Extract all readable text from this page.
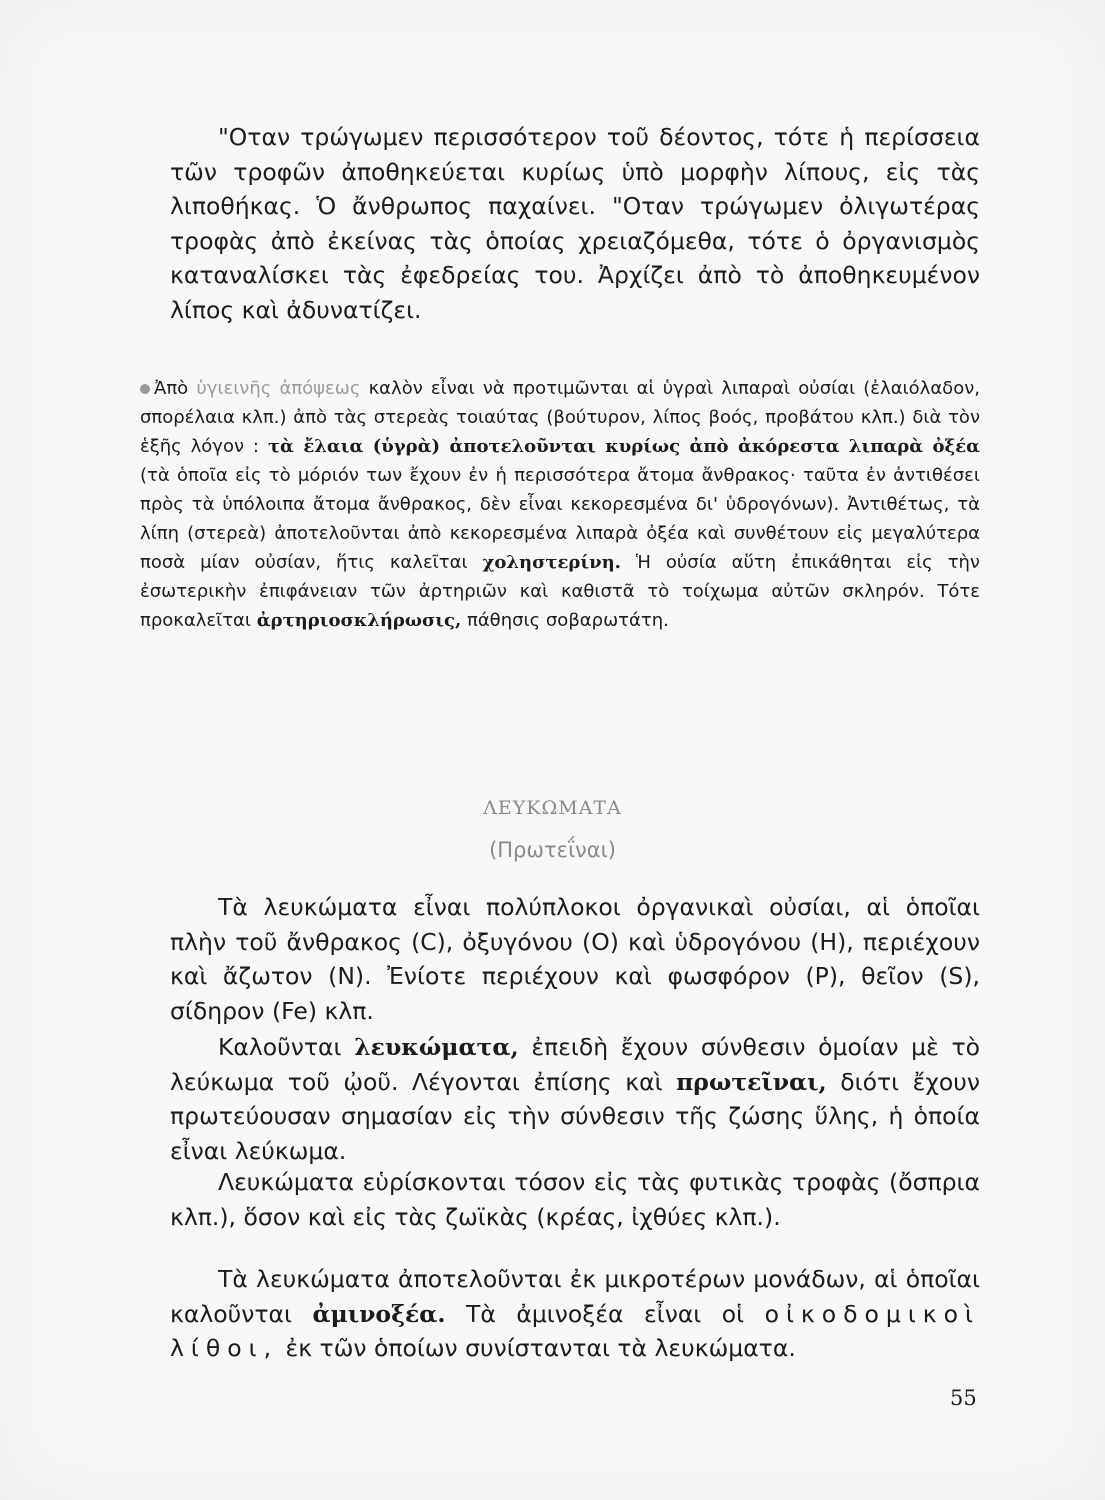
"Οταν τρώγωμεν περισσότερον τοῦ δέοντος, τότε ἡ περίσσεια τῶν τροφῶν ἀποθηκεύεται κυρίως ὑπὸ μορφὴν λίπους, εἰς τὰς λιποθήκας. Ὁ ἄνθρωπος παχαίνει. "Οταν τρώγωμεν ὀλιγωτέρας τροφὰς ἀπὸ ἐκείνας τὰς ὁποίας χρειαζόμεθα, τότε ὁ ὀργανισμὸς καταναλίσκει τὰς ἐφεδρείας του. Ἀρχίζει ἀπὸ τὸ ἀποθηκευμένον λίπος καὶ ἀδυνατίζει.

Ἀπὸ ὑγιεινῆς ἀπόψεως καλὸν εἶναι νὰ προτιμῶνται αἱ ὑγραὶ λιπαραὶ οὐσίαι (ἐλαιόλαδον, σπορέλαια κλπ.) ἀπὸ τὰς στερεὰς τοιαύτας (βούτυρον, λίπος βοός, προβάτου κλπ.) διὰ τὸν ἑξῆς λόγον : τὰ ἔλαια (ὑγρὰ) ἀποτελοῦνται κυρίως ἀπὸ ἀκόρεστα λιπαρὰ ὀξέα (τὰ ὁποῖα εἰς τὸ μόριόν των ἔχουν ἐν ἡ περισσότερα ἄτομα ἄνθρακος· ταῦτα ἐν ἀντιθέσει πρὸς τὰ ὑπόλοιπα ἄτομα ἄνθρακος, δὲν εἶναι κεκορεσμένα δι' ὑδρογόνων). Ἀντιθέτως, τὰ λίπη (στερεὰ) ἀποτελοῦνται ἀπὸ κεκορεσμένα λιπαρὰ ὀξέα καὶ συνθέτουν εἰς μεγαλύτερα ποσὰ μίαν οὐσίαν, ἥτις καλεῖται χοληστερίνη. Ἡ οὐσία αὕτη ἐπικάθηται εἰς τὴν ἐσωτερικὴν ἐπιφάνειαν τῶν ἀρτηριῶν καὶ καθιστᾶ τὸ τοίχωμα αὐτῶν σκληρόν. Τότε προκαλεῖται ἀρτηριοσκλήρωσις, πάθησις σοβαρωτάτη.

ΛΕΥΚΩΜΑΤΑ
(Πρωτεΐναι)

Τὰ λευκώματα εἶναι πολύπλοκοι ὀργανικαὶ οὐσίαι, αἱ ὁποῖαι πλὴν τοῦ ἄνθρακος (C), ὀξυγόνου (O) καὶ ὑδρογόνου (H), περιέχουν καὶ ἄζωτον (N). Ἐνίοτε περιέχουν καὶ φωσφόρον (P), θεῖον (S), σίδηρον (Fe) κλπ.

Καλοῦνται λευκώματα, ἐπειδὴ ἔχουν σύνθεσιν ὁμοίαν μὲ τὸ λεύκωμα τοῦ ᾠοῦ. Λέγονται ἐπίσης καὶ πρωτεῖναι, διότι ἔχουν πρωτεύουσαν σημασίαν εἰς τὴν σύνθεσιν τῆς ζώσης ὕλης, ἡ ὁποία εἶναι λεύκωμα.

Λευκώματα εὑρίσκονται τόσον εἰς τὰς φυτικὰς τροφὰς (ὄσπρια κλπ.), ὅσον καὶ εἰς τὰς ζωϊκὰς (κρέας, ἰχθύες κλπ.).

Τὰ λευκώματα ἀποτελοῦνται ἐκ μικροτέρων μονάδων, αἱ ὁποῖαι καλοῦνται ἀμινοξέα. Τὰ ἀμινοξέα εἶναι οἱ οἰκοδομικοὶ λίθοι, ἐκ τῶν ὁποίων συνίστανται τὰ λευκώματα.

55
